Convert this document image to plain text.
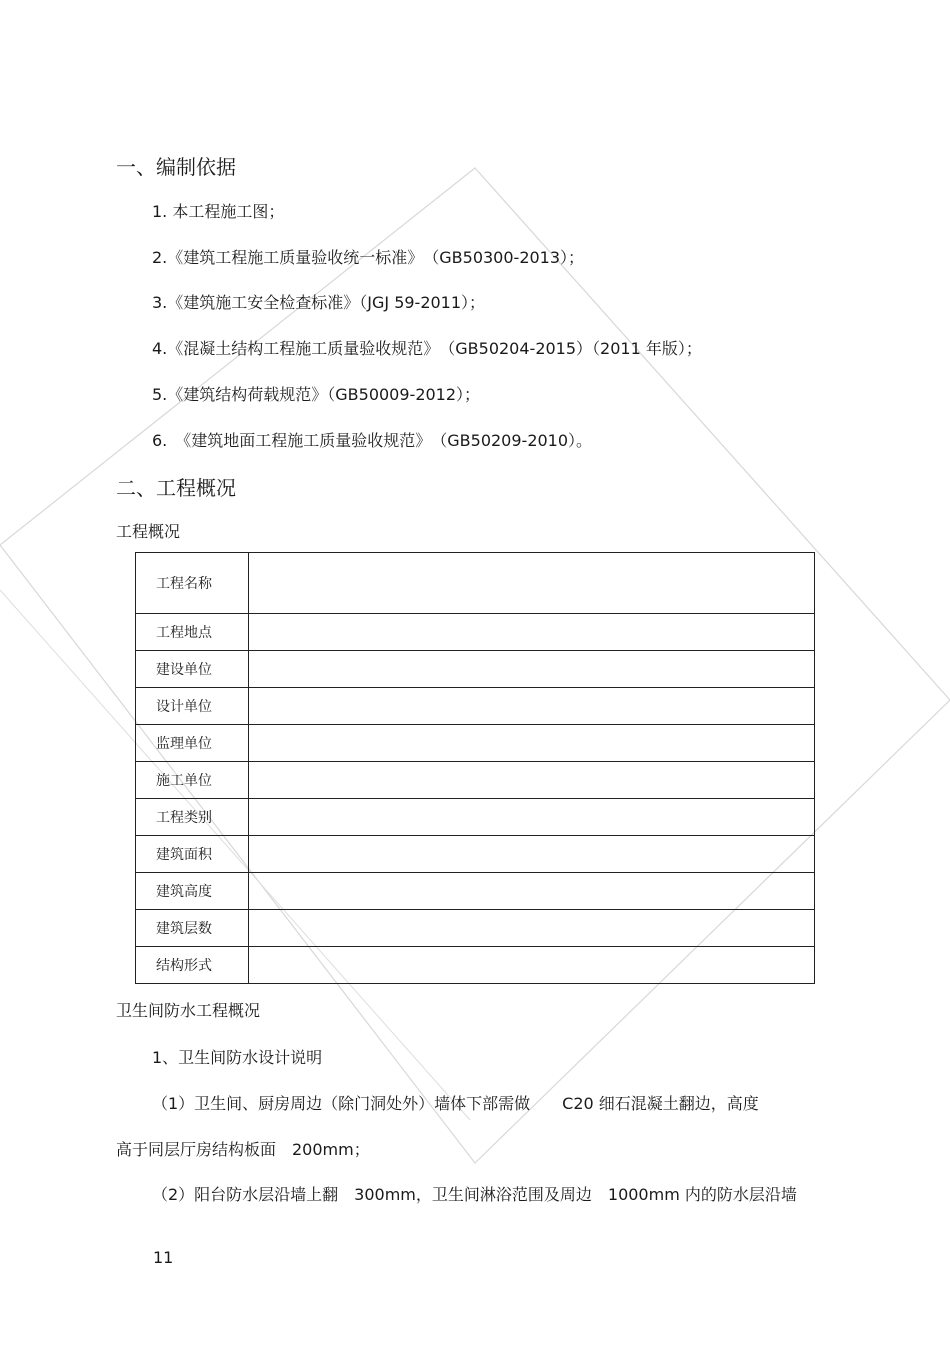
一、编制依据
1. 本工程施工图；
2.《建筑工程施工质量验收统一标准》　（GB50300-2013）；
3.《建筑施工安全检查标准》（JGJ 59-2011）；
4.《混凝土结构工程施工质量验收规范》　（GB50204-2015）（2011 年版）；
5.《建筑结构荷载规范》（GB50009-2012）；
6.　《建筑地面工程施工质量验收规范》　（GB50209-2010）。
二、工程概况
工程概况
工程名称	
工程地点	
建设单位	
设计单位	
监理单位	
施工单位	
工程类别	
建筑面积	
建筑高度	
建筑层数	
结构形式	
卫生间防水工程概况
1、卫生间防水设计说明
（1）卫生间、厨房周边（除门洞处外）墙体下部需做　　C20 细石混凝土翻边，高度
高于同层厅房结构板面　200mm；
（2）阳台防水层沿墙上翻　300mm，卫生间淋浴范围及周边　1000mm 内的防水层沿墙
11
